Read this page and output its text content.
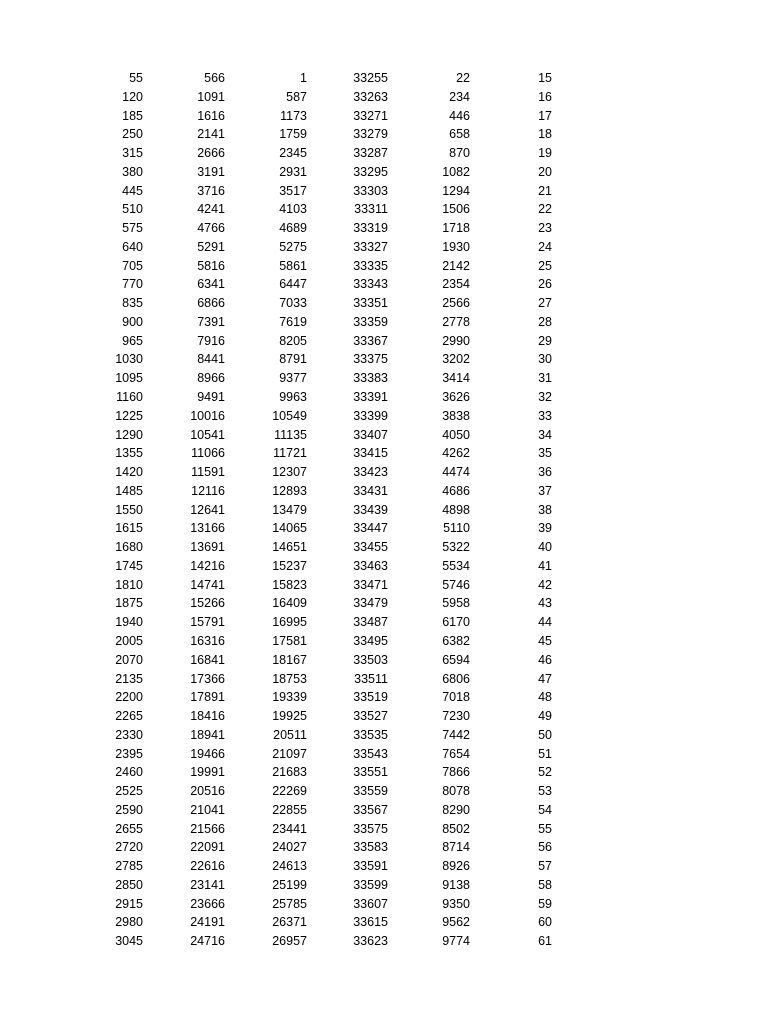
55	566	1	33255	22	15
120	1091	587	33263	234	16
185	1616	1173	33271	446	17
250	2141	1759	33279	658	18
315	2666	2345	33287	870	19
380	3191	2931	33295	1082	20
445	3716	3517	33303	1294	21
510	4241	4103	33311	1506	22
575	4766	4689	33319	1718	23
640	5291	5275	33327	1930	24
705	5816	5861	33335	2142	25
770	6341	6447	33343	2354	26
835	6866	7033	33351	2566	27
900	7391	7619	33359	2778	28
965	7916	8205	33367	2990	29
1030	8441	8791	33375	3202	30
1095	8966	9377	33383	3414	31
1160	9491	9963	33391	3626	32
1225	10016	10549	33399	3838	33
1290	10541	11135	33407	4050	34
1355	11066	11721	33415	4262	35
1420	11591	12307	33423	4474	36
1485	12116	12893	33431	4686	37
1550	12641	13479	33439	4898	38
1615	13166	14065	33447	5110	39
1680	13691	14651	33455	5322	40
1745	14216	15237	33463	5534	41
1810	14741	15823	33471	5746	42
1875	15266	16409	33479	5958	43
1940	15791	16995	33487	6170	44
2005	16316	17581	33495	6382	45
2070	16841	18167	33503	6594	46
2135	17366	18753	33511	6806	47
2200	17891	19339	33519	7018	48
2265	18416	19925	33527	7230	49
2330	18941	20511	33535	7442	50
2395	19466	21097	33543	7654	51
2460	19991	21683	33551	7866	52
2525	20516	22269	33559	8078	53
2590	21041	22855	33567	8290	54
2655	21566	23441	33575	8502	55
2720	22091	24027	33583	8714	56
2785	22616	24613	33591	8926	57
2850	23141	25199	33599	9138	58
2915	23666	25785	33607	9350	59
2980	24191	26371	33615	9562	60
3045	24716	26957	33623	9774	61
